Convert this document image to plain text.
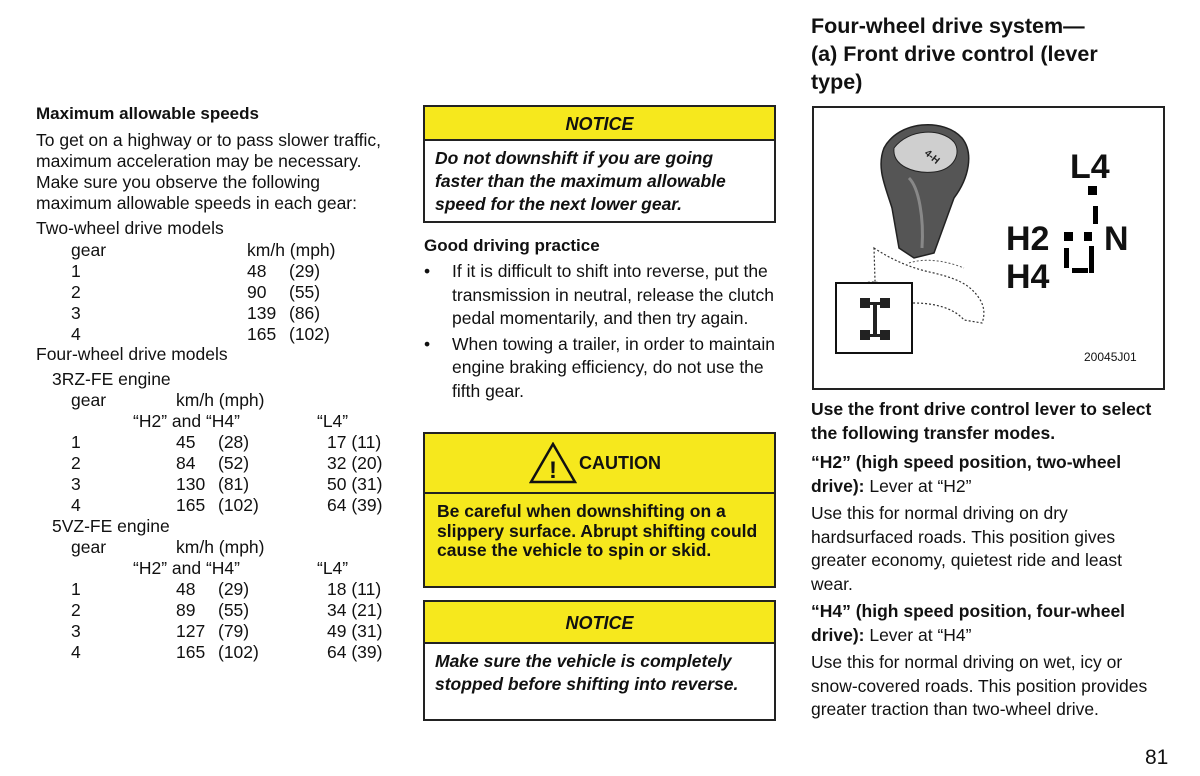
Maximum allowable speeds
To get on a highway or to pass slower traffic, maximum acceleration may be necessary. Make sure you observe the following maximum allowable speeds in each gear:
Two-wheel drive models
gear	km/h (mph)
1	48 (29)
2	90 (55)
3	139 (86)
4	165 (102)
Four-wheel drive models
3RZ-FE engine
gear	km/h (mph)
“H2” and “H4”	“L4”
1	45 (28)	17 (11)
2	84 (52)	32 (20)
3	130 (81)	50 (31)
4	165 (102)	64 (39)
5VZ-FE engine
gear	km/h (mph)
“H2” and “H4”	“L4”
1	48 (29)	18 (11)
2	89 (55)	34 (21)
3	127 (79)	49 (31)
4	165 (102)	64 (39)
NOTICE
Do not downshift if you are going faster than the maximum allowable speed for the next lower gear.
Good driving practice
• If it is difficult to shift into reverse, put the transmission in neutral, release the clutch pedal momentarily, and then try again.
• When towing a trailer, in order to maintain engine braking efficiency, do not use the fifth gear.
! CAUTION
Be careful when downshifting on a slippery surface. Abrupt shifting could cause the vehicle to spin or skid.
NOTICE
Make sure the vehicle is completely stopped before shifting into reverse.
Four-wheel drive system—
(a) Front drive control (lever
type)
4-H	L4
H2 N
H4
20045J01
Use the front drive control lever to select the following transfer modes.
“H2” (high speed position, two-wheel drive): Lever at “H2”
Use this for normal driving on dry hardsurfaced roads. This position gives greater economy, quietest ride and least wear.
“H4” (high speed position, four-wheel drive): Lever at “H4”
Use this for normal driving on wet, icy or snow-covered roads. This position provides greater traction than two-wheel drive.
81
